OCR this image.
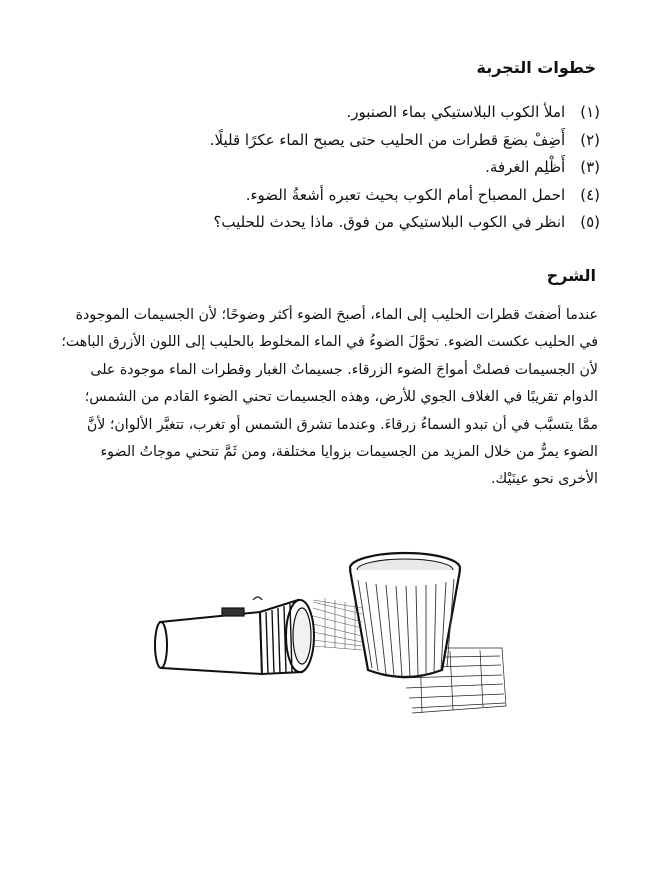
خطوات التجربة
(١) املأ الكوب البلاستيكي بماء الصنبور.
(٢) أَضِفْ بضعَ قطرات من الحليب حتى يصبح الماء عكرًا قليلًا.
(٣) أَظْلِم الغرفة.
(٤) احمل المصباح أمام الكوب بحيث تعبره أشعةُ الضوء.
(٥) انظر في الكوب البلاستيكي من فوق. ماذا يحدث للحليب؟
الشرح
عندما أضفتَ قطرات الحليب إلى الماء، أصبحَ الضوء أكثر وضوحًا؛ لأن الجسيمات الموجودة
في الحليب عكست الضوء. تحوَّلَ الضوءُ في الماء المخلوط بالحليب إلى اللون الأزرق الباهت؛
لأن الجسيمات فصلتْ أمواجَ الضوء الزرقاء. جسيماتُ الغبار وقطرات الماء موجودة على
الدوام تقريبًا في الغلاف الجوي للأرض، وهذه الجسيمات تحني الضوء القادم من الشمس؛
ممَّا يتسبَّب في أن تبدو السماءُ زرقاءَ. وعندما تشرق الشمس أو تغرب، تتغيَّر الألوان؛ لأنَّ
الضوء يمرُّ من خلال المزيد من الجسيمات بزوايا مختلفة، ومن ثَمَّ تنحني موجاتُ الضوء
الأخرى نحو عينَيْك.
